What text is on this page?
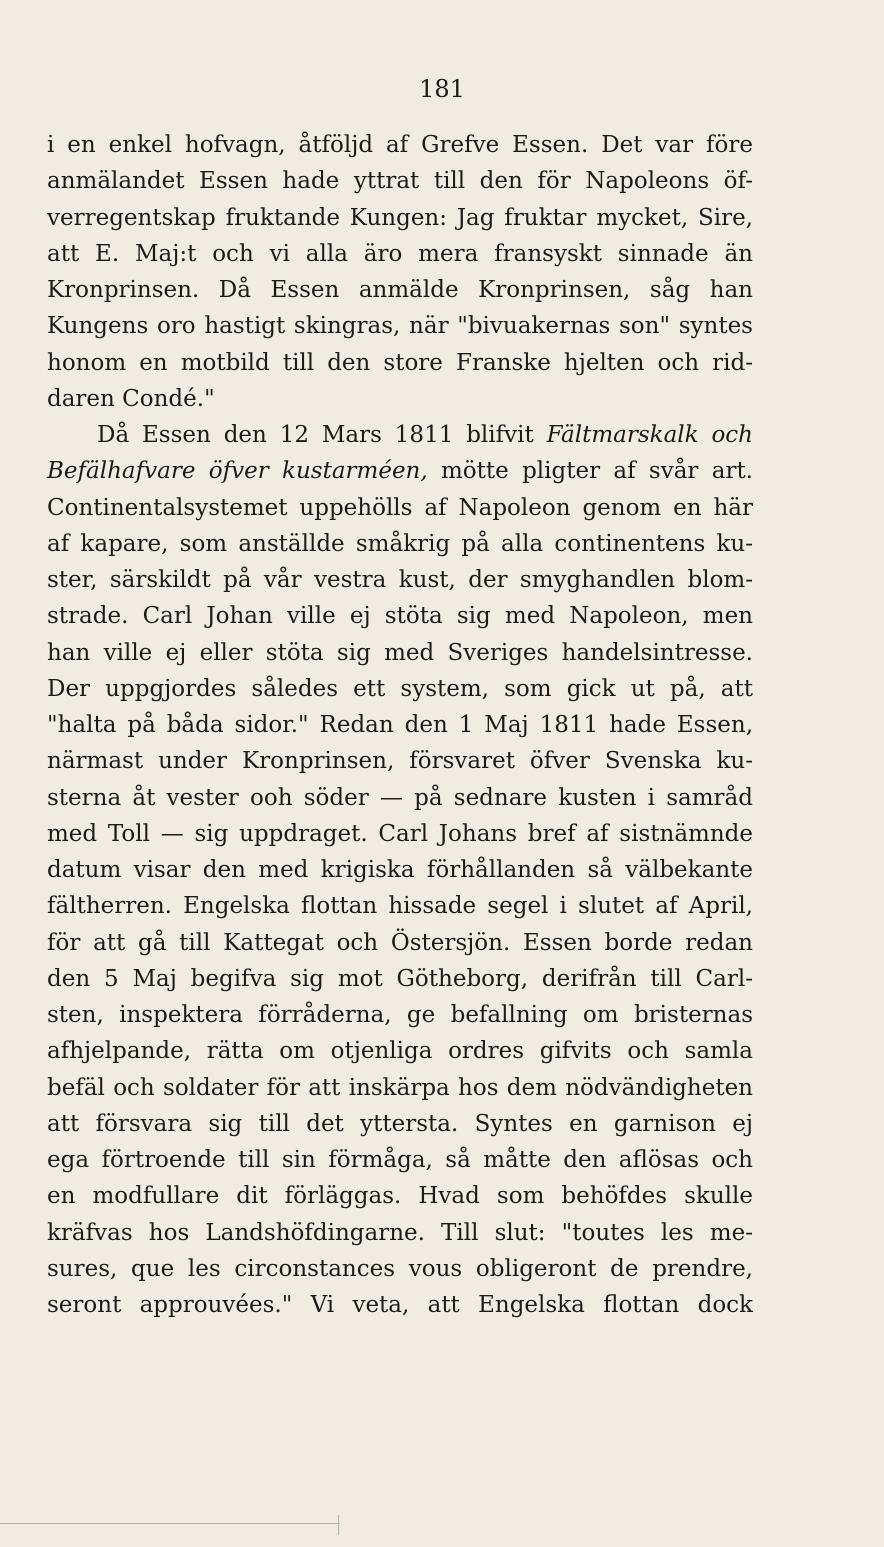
181
i en enkel hofvagn, åtföljd af Grefve Essen. Det var före
anmälandet Essen hade yttrat till den för Napoleons öf-
verregentskap fruktande Kungen: Jag fruktar mycket, Sire,
att E. Maj:t och vi alla äro mera fransyskt sinnade än
Kronprinsen. Då Essen anmälde Kronprinsen, såg han
Kungens oro hastigt skingras, när "bivuakernas son" syntes
honom en motbild till den store Franske hjelten och rid-
daren Condé."
Då Essen den 12 Mars 1811 blifvit Fältmarskalk och
Befälhafvare öfver kustarméen, mötte pligter af svår art.
Continentalsystemet uppehölls af Napoleon genom en här
af kapare, som anställde småkrig på alla continentens ku-
ster, särskildt på vår vestra kust, der smyghandlen blom-
strade. Carl Johan ville ej stöta sig med Napoleon, men
han ville ej eller stöta sig med Sveriges handelsintresse.
Der uppgjordes således ett system, som gick ut på, att
"halta på båda sidor." Redan den 1 Maj 1811 hade Essen,
närmast under Kronprinsen, försvaret öfver Svenska ku-
sterna åt vester ooh söder — på sednare kusten i samråd
med Toll — sig uppdraget. Carl Johans bref af sistnämnde
datum visar den med krigiska förhållanden så välbekante
fältherren. Engelska flottan hissade segel i slutet af April,
för att gå till Kattegat och Östersjön. Essen borde redan
den 5 Maj begifva sig mot Götheborg, derifrån till Carl-
sten, inspektera förråderna, ge befallning om bristernas
afhjelpande, rätta om otjenliga ordres gifvits och samla
befäl och soldater för att inskärpa hos dem nödvändigheten
att försvara sig till det yttersta. Syntes en garnison ej
ega förtroende till sin förmåga, så måtte den aflösas och
en modfullare dit förläggas. Hvad som behöfdes skulle
kräfvas hos Landshöfdingarne. Till slut: "toutes les me-
sures, que les circonstances vous obligeront de prendre,
seront approuvées." Vi veta, att Engelska flottan dock
